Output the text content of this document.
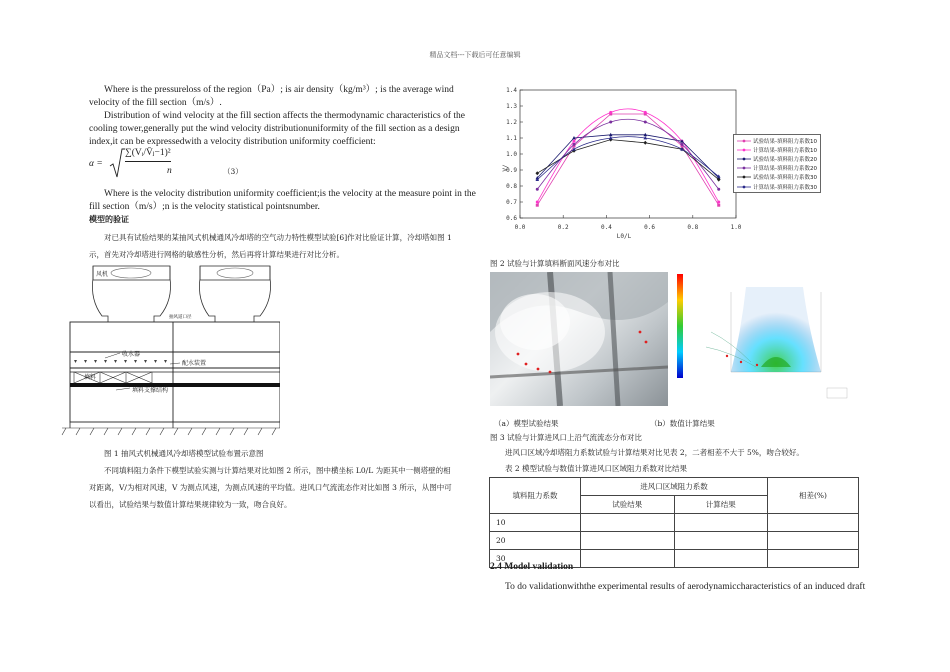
精品文档---下载后可任意编辑
Where is the pressureloss of the region（Pa）; is air density（kg/m³）; is the average wind
velocity of the fill section（m/s）.
Distribution of wind velocity at the fill section affects the thermodynamic characteristics of the
cooling tower,generally put the wind velocity distributionuniformity of the fill section as a design
index,it can be expressedwith a velocity distribution uniformity coefficient:
α =
∑(Vᵢ/V̄ⱼ−1)²
n	（3）
Where is the velocity distribution uniformity coefficient;is the velocity at the measure point in the
fill section（m/s）;n is the velocity statistical pointsnumber.
模型的验证
对已具有试验结果的某抽风式机械通风冷却塔的空气动力特性模型试验[6]作对比验证计算，冷却塔如图 1
示，首先对冷却塔进行网格的敏感性分析，然后再将计算结果进行对比分析。
风机
抽风道口径
收水器
配水装置
填料
填料支撑结构
图 1 抽风式机械通风冷却塔模型试验布置示意图
不同填料阻力条件下模型试验实测与计算结果对比如图 2 所示，图中横坐标 L0/L 为距其中一侧塔壁的相
对距离，V/为相对风速，V 为测点风速，为测点风速的平均值。进风口气流流态作对比如图 3 所示，从图中可
以看出，试验结果与数值计算结果规律较为一致，吻合良好。
0.6
0.7
0.8
0.9
1.0
1.1
1.2
1.3
1.4
0.0	0.2	0.4	0.6	0.8	1.0
V/
L0/L
试验结果-填料阻力系数10
计算结果-填料阻力系数10
试验结果-填料阻力系数20
计算结果-填料阻力系数20
试验结果-填料阻力系数30
计算结果-填料阻力系数30
图 2 试验与计算填料断面风速分布对比
（a）模型试验结果	（b）数值计算结果
图 3 试验与计算进风口上沿气流流态分布对比
进风口区域冷却塔阻力系数试验与计算结果对比见表 2，二者相差不大于 5%，吻合较好。
表 2 模型试验与数值计算进风口区域阻力系数对比结果
填料阻力系数	进风口区域阻力系数		相差(%)
	试验结果	计算结果	
10			
20			
30			
2.4 Model validation
To do validationwiththe experimental results of aerodynamiccharacteristics of an induced draft
